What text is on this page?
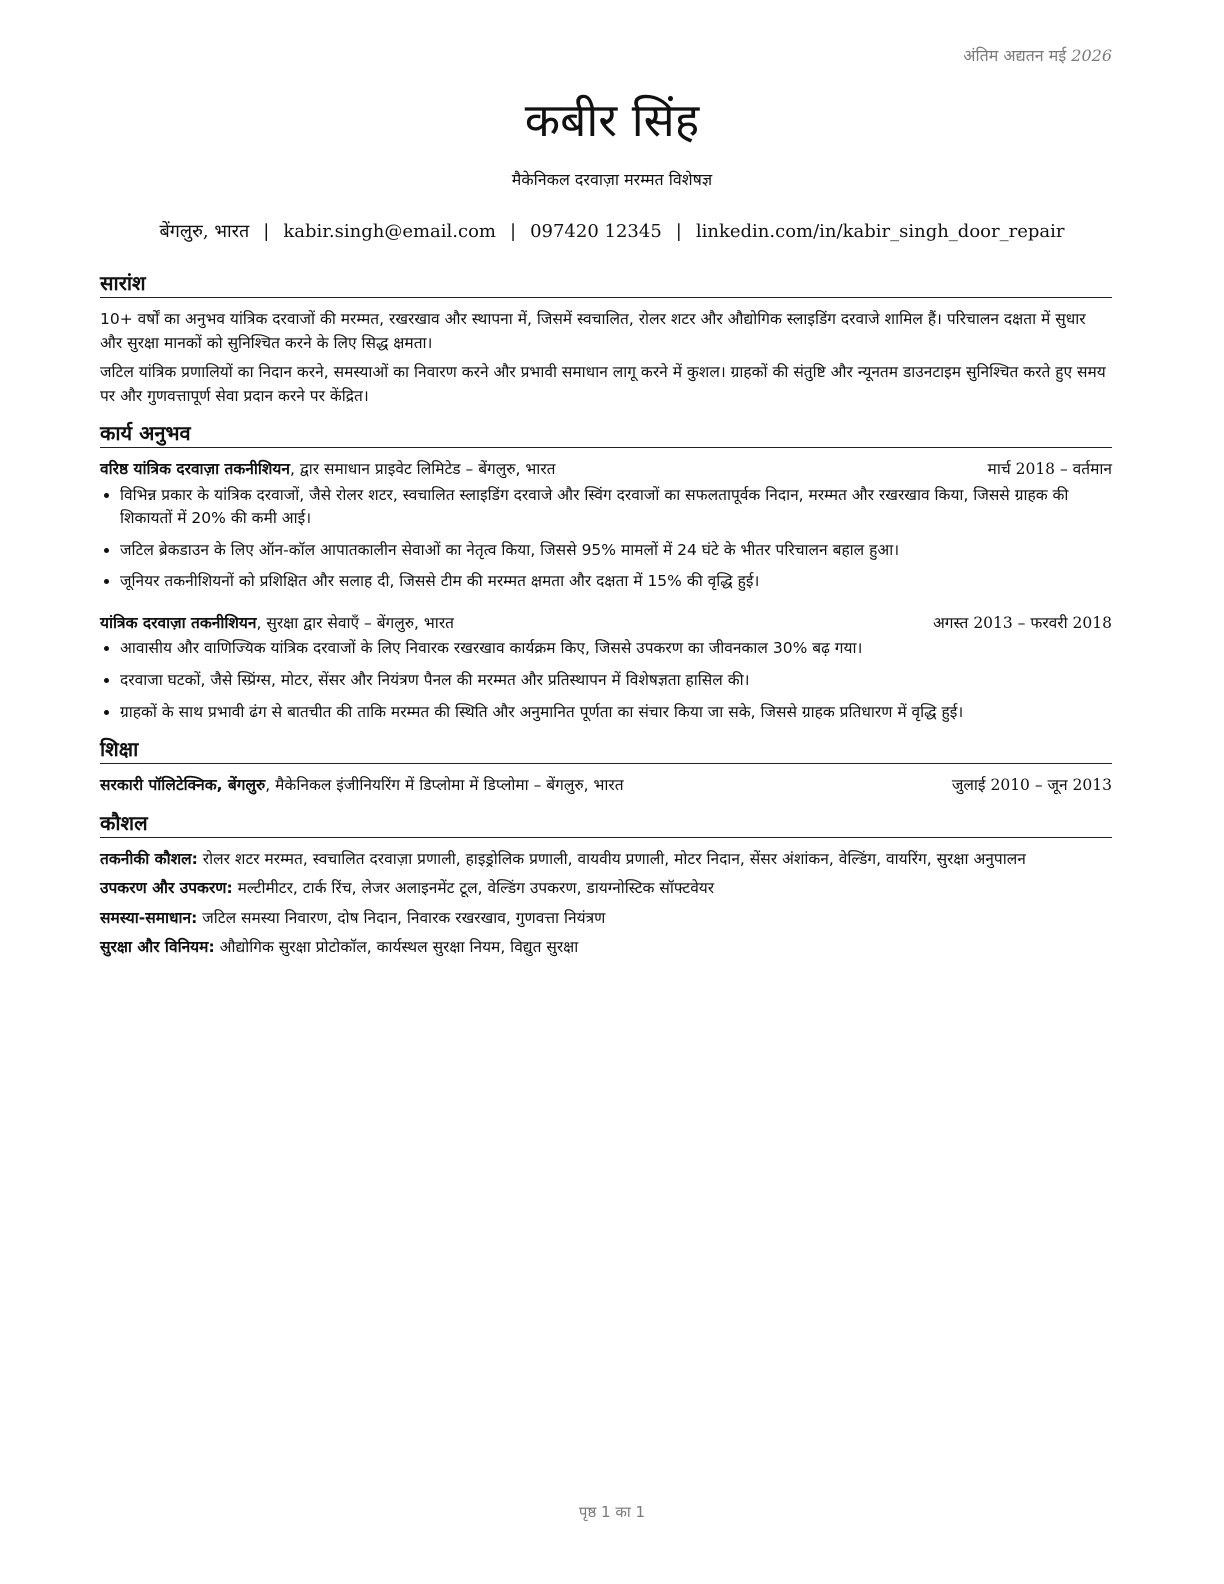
अंतिम अद्यतन मई 2026
कबीर सिंह
मैकेनिकल दरवाज़ा मरम्मत विशेषज्ञ
बेंगलुरु, भारत | kabir.singh@email.com | 097420 12345 | linkedin.com/in/kabir_singh_door_repair
सारांश

10+ वर्षों का अनुभव यांत्रिक दरवाजों की मरम्मत, रखरखाव और स्थापना में, जिसमें स्वचालित, रोलर शटर और औद्योगिक स्लाइडिंग दरवाजे शामिल हैं। परिचालन दक्षता में सुधार और सुरक्षा मानकों को सुनिश्चित करने के लिए सिद्ध क्षमता।

जटिल यांत्रिक प्रणालियों का निदान करने, समस्याओं का निवारण करने और प्रभावी समाधान लागू करने में कुशल। ग्राहकों की संतुष्टि और न्यूनतम डाउनटाइम सुनिश्चित करते हुए समय पर और गुणवत्तापूर्ण सेवा प्रदान करने पर केंद्रित।

कार्य अनुभव
वरिष्ठ यांत्रिक दरवाज़ा तकनीशियन, द्वार समाधान प्राइवेट लिमिटेड – बेंगलुरु, भारत	मार्च 2018 – वर्तमान
• विभिन्न प्रकार के यांत्रिक दरवाजों, जैसे रोलर शटर, स्वचालित स्लाइडिंग दरवाजे और स्विंग दरवाजों का सफलतापूर्वक निदान, मरम्मत और रखरखाव किया, जिससे ग्राहक की शिकायतों में 20% की कमी आई।
• जटिल ब्रेकडाउन के लिए ऑन-कॉल आपातकालीन सेवाओं का नेतृत्व किया, जिससे 95% मामलों में 24 घंटे के भीतर परिचालन बहाल हुआ।
• जूनियर तकनीशियनों को प्रशिक्षित और सलाह दी, जिससे टीम की मरम्मत क्षमता और दक्षता में 15% की वृद्धि हुई।
यांत्रिक दरवाज़ा तकनीशियन, सुरक्षा द्वार सेवाएँ – बेंगलुरु, भारत	अगस्त 2013 – फरवरी 2018
• आवासीय और वाणिज्यिक यांत्रिक दरवाजों के लिए निवारक रखरखाव कार्यक्रम किए, जिससे उपकरण का जीवनकाल 30% बढ़ गया।
• दरवाजा घटकों, जैसे स्प्रिंग्स, मोटर, सेंसर और नियंत्रण पैनल की मरम्मत और प्रतिस्थापन में विशेषज्ञता हासिल की।
• ग्राहकों के साथ प्रभावी ढंग से बातचीत की ताकि मरम्मत की स्थिति और अनुमानित पूर्णता का संचार किया जा सके, जिससे ग्राहक प्रतिधारण में वृद्धि हुई।
शिक्षा
सरकारी पॉलिटेक्निक, बेंगलुरु, मैकेनिकल इंजीनियरिंग में डिप्लोमा में डिप्लोमा – बेंगलुरु, भारत	जुलाई 2010 – जून 2013
कौशल

तकनीकी कौशल: रोलर शटर मरम्मत, स्वचालित दरवाज़ा प्रणाली, हाइड्रोलिक प्रणाली, वायवीय प्रणाली, मोटर निदान, सेंसर अंशांकन, वेल्डिंग, वायरिंग, सुरक्षा अनुपालन

उपकरण और उपकरण: मल्टीमीटर, टार्क रिंच, लेजर अलाइनमेंट टूल, वेल्डिंग उपकरण, डायग्नोस्टिक सॉफ्टवेयर

समस्या-समाधान: जटिल समस्या निवारण, दोष निदान, निवारक रखरखाव, गुणवत्ता नियंत्रण

सुरक्षा और विनियम: औद्योगिक सुरक्षा प्रोटोकॉल, कार्यस्थल सुरक्षा नियम, विद्युत सुरक्षा

पृष्ठ 1 का 1
